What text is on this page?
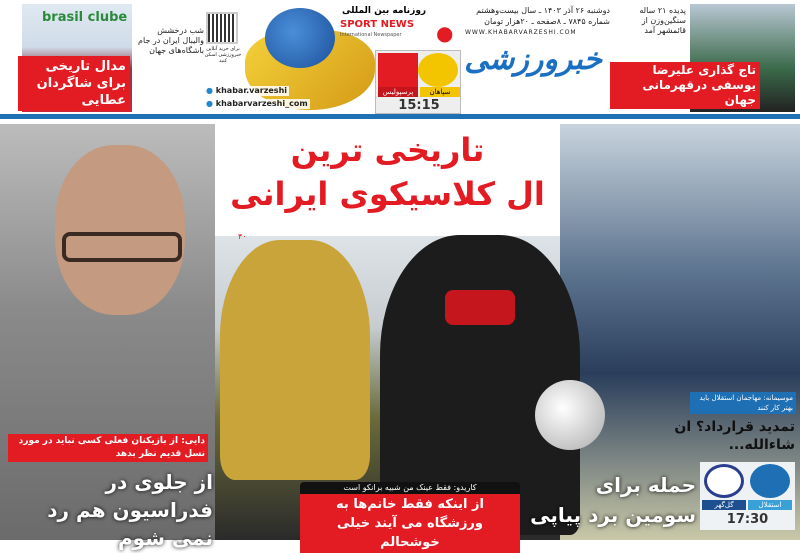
brasil clube
شب درخشش والیبال ایران در جام باشگاه‌های جهان
مدال تاریخی برای شاگردان عطایی
برای خرید آنلاین خبرورزشی اسکن کنید
● khabar.varzeshi
● khabarvarzeshi_com
روزنامه بین المللی
SPORT NEWS
International Newspaper ●
دوشنبه ۲۶ آذر ۱۴۰۳ ـ سال بیست‌وهشتم
شماره ۷۸۴۵ ـ ۸صفحه ـ ۲۰هزار تومان
WWW.KHABARVARZESHI.COM
خبرورزشی
سپاهان
پرسپولیس
15:15
پدیده ۲۱ ساله سنگین‌وزن از قائمشهر آمد
تاج گذاری علیرضا یوسفی درقهرمانی جهان
دایی: از بازیکنان فعلی کسی نباید در مورد نسل قدیم نظر بدهد
از جلوی در فدراسیون هم رد نمی شوم
موسیمانه: مهاجمان استقلال باید بهتر کار کنند
تمدید قرارداد؟ ان شاءالله...
حمله برای سومین برد پیاپی	استقلال
گل‌گهر
17:30
تاریخی ترین
ال کلاسیکوی ایرانی
۴۰
کاریدو: فقط عینک من شبیه برانکو است
از اینکه فقط خانم‌ها به ورزشگاه می آیند خیلی خوشحالم
